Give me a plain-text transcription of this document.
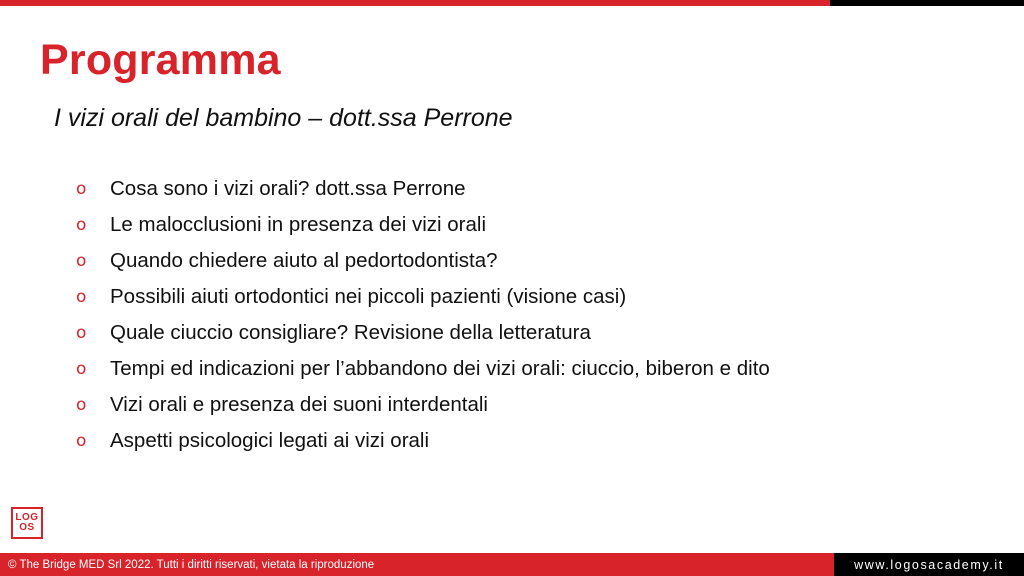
Programma
I vizi orali del bambino – dott.ssa Perrone
o	Cosa sono i vizi orali? dott.ssa Perrone
o	Le malocclusioni in presenza dei vizi orali
o	Quando chiedere aiuto al pedortodontista?
o	Possibili aiuti ortodontici nei piccoli pazienti (visione casi)
o	Quale ciuccio consigliare? Revisione della letteratura
o	Tempi ed indicazioni per l’abbandono dei vizi orali: ciuccio, biberon e dito
o	Vizi orali e presenza dei suoni interdentali
o	Aspetti psicologici legati ai vizi orali
LOG
OS
© The Bridge MED Srl 2022. Tutti i diritti riservati, vietata la riproduzione	www.logosacademy.it
